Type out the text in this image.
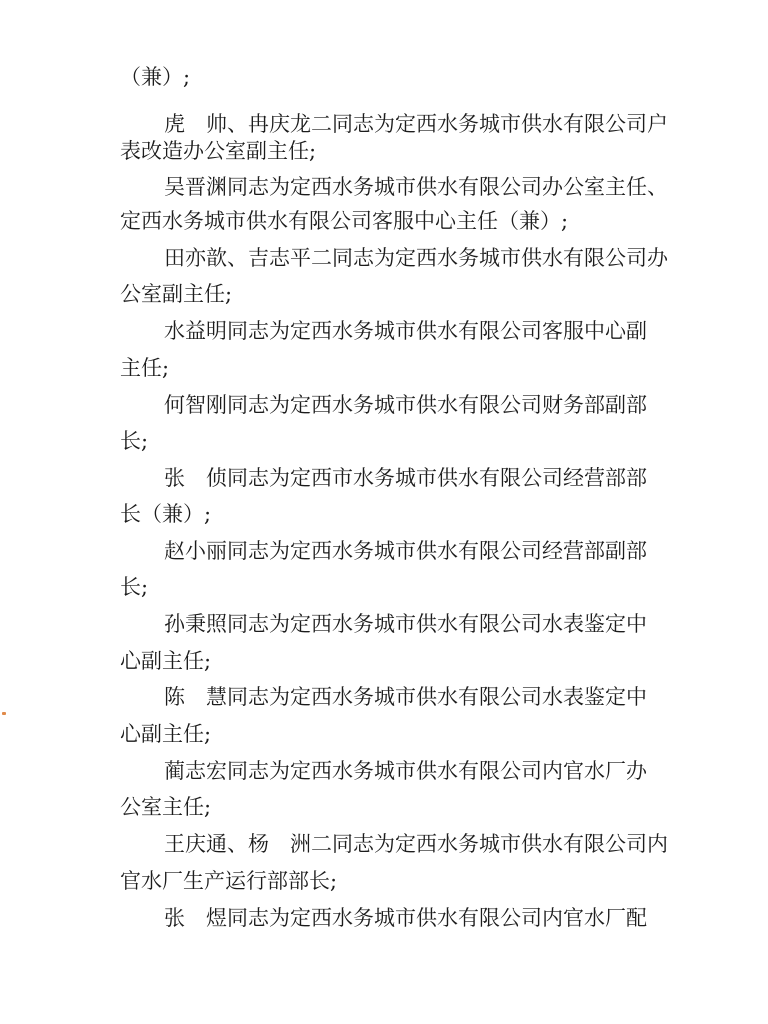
（兼）;
虎　帅、冉庆龙二同志为定西水务城市供水有限公司户
表改造办公室副主任;
吴晋渊同志为定西水务城市供水有限公司办公室主任、
定西水务城市供水有限公司客服中心主任（兼）;
田亦歆、吉志平二同志为定西水务城市供水有限公司办
公室副主任;
水益明同志为定西水务城市供水有限公司客服中心副
主任;
何智刚同志为定西水务城市供水有限公司财务部副部
长;
张　侦同志为定西市水务城市供水有限公司经营部部
长（兼）;
赵小丽同志为定西水务城市供水有限公司经营部副部
长;
孙秉照同志为定西水务城市供水有限公司水表鉴定中
心副主任;
陈　慧同志为定西水务城市供水有限公司水表鉴定中
心副主任;
蔺志宏同志为定西水务城市供水有限公司内官水厂办
公室主任;
王庆通、杨　洲二同志为定西水务城市供水有限公司内
官水厂生产运行部部长;
张　煜同志为定西水务城市供水有限公司内官水厂配
